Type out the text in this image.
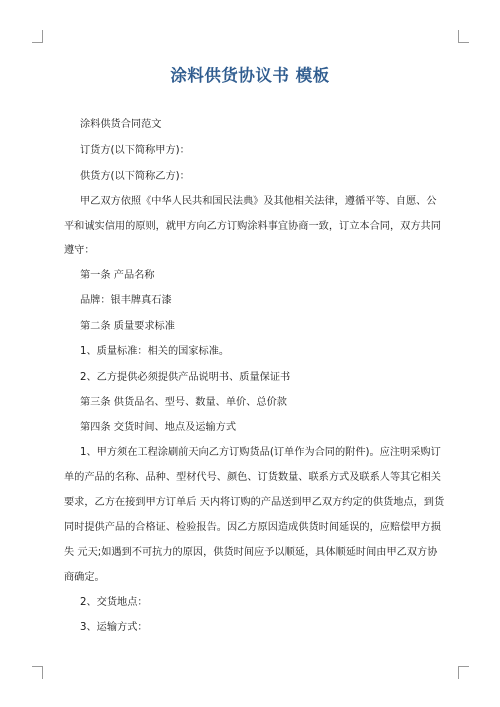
涂料供货协议书 模板
涂料供货合同范文
订货方(以下简称甲方)：
供货方(以下简称乙方)：
甲乙双方依照《中华人民共和国民法典》及其他相关法律，遵循平等、自愿、公
平和诚实信用的原则，就甲方向乙方订购涂料事宜协商一致，订立本合同，双方共同
遵守：
第一条 产品名称
品牌：银丰牌真石漆
第二条 质量要求标准
1、质量标准：相关的国家标准。
2、乙方提供必须提供产品说明书、质量保证书
第三条 供货品名、型号、数量、单价、总价款
第四条 交货时间、地点及运输方式
1、甲方须在工程涂刷前天向乙方订购货品(订单作为合同的附件)。应注明采购订
单的产品的名称、品种、型材代号、颜色、订货数量、联系方式及联系人等其它相关
要求，乙方在接到甲方订单后 天内将订购的产品送到甲乙双方约定的供货地点，到货
同时提供产品的合格证、检验报告。因乙方原因造成供货时间延误的，应赔偿甲方损
失 元天;如遇到不可抗力的原因，供货时间应予以顺延，具体顺延时间由甲乙双方协
商确定。
2、交货地点：
3、运输方式：
